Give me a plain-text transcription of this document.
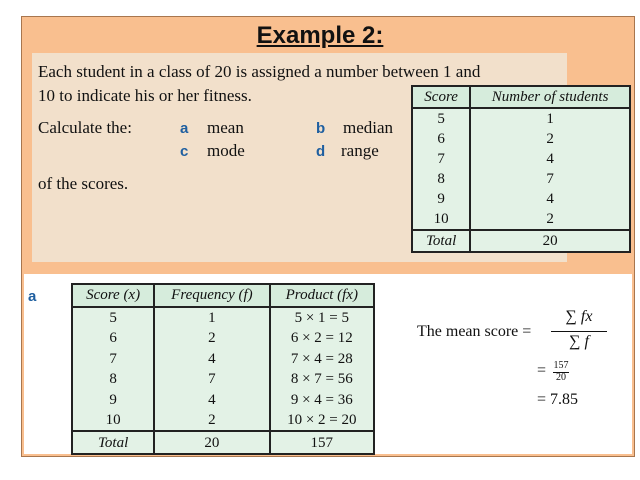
Example 2:
Each student in a class of 20 is assigned a number between 1 and
10 to indicate his or her fitness.
Calculate the:	a mean	b median
c mode	d range
of the scores.
Score	Number of students
5	1
6	2
7	4
8	7
9	4
10	2
Total	20
a	Score (x)	Frequency (f)	Product (fx)
5	1	5 × 1 = 5
6	2	6 × 2 = 12
7	4	7 × 4 = 28
8	7	8 × 7 = 56
9	4	9 × 4 = 36
10	2	10 × 2 = 20
Total	20	157
The mean score =
∑ fx
∑ f
= 157
20
= 7.85
